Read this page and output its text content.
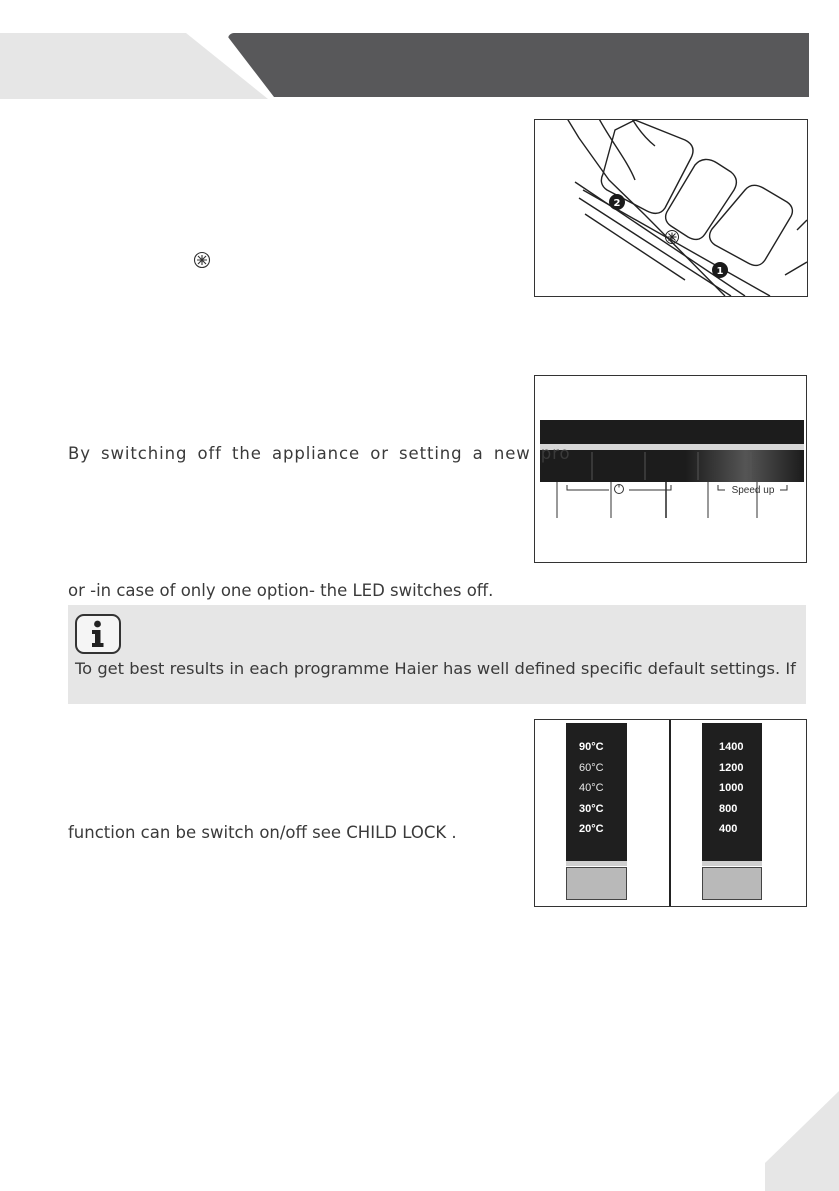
2
1
Speed up
By switching off the appliance or setting a new pro
or -in case of only one option- the LED switches off.
To get best results in each programme Haier has well defined specific default settings. If
90°C
60°C
40°C
30°C
20°C
1400
1200
1000
800
400
function can be switch on/off see CHILD LOCK .
